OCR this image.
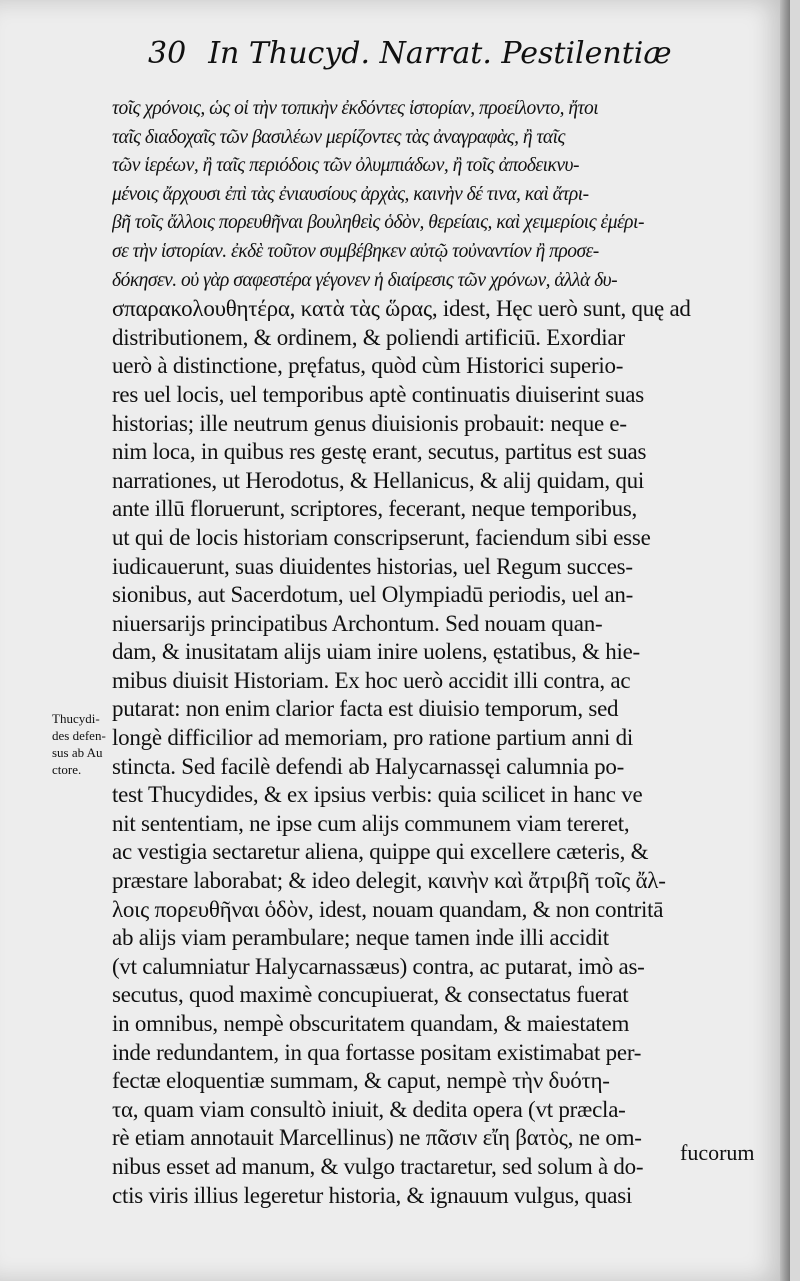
30 In Thucyd. Narrat. Pestilentiæ
τοῖς χρόνοις, ὡς οἱ τὴν τοπικὴν ἐκδόντες ἱστορίαν, προείλοντο, ἤτοι
ταῖς διαδοχαῖς τῶν βασιλέων μερίζοντες τὰς ἀναγραφὰς, ἢ ταῖς
τῶν ἱερέων, ἢ ταῖς περιόδοις τῶν ὀλυμπιάδων, ἢ τοῖς ἀποδεικνυ-
μένοις ἄρχουσι ἐπὶ τὰς ἐνιαυσίους ἀρχὰς, καινὴν δέ τινα, καὶ ἄτρι-
βῆ τοῖς ἄλλοις πορευθῆναι βουληθεὶς ὁδὸν, θερείαις, καὶ χειμερίοις ἐμέρι-
σε τὴν ἱστορίαν. ἐκδὲ τοῦτον συμβέβηκεν αὐτῷ τοὐναντίον ἢ προσε-
δόκησεν. οὐ γὰρ σαφεστέρα γέγονεν ἡ διαίρεσις τῶν χρόνων, ἀλλὰ δυ-
σπαρακολουθητέρα, κατὰ τὰς ὥρας, idest, Hęc uerò sunt, quę ad
distributionem, & ordinem, & poliendi artificiū. Exordiar
uerò à distinctione, pręfatus, quòd cùm Historici superio-
res uel locis, uel temporibus aptè continuatis diuiserint suas
historias; ille neutrum genus diuisionis probauit: neque e-
nim loca, in quibus res gestę erant, secutus, partitus est suas
narrationes, ut Herodotus, & Hellanicus, & alij quidam, qui
ante illū floruerunt, scriptores, fecerant, neque temporibus,
ut qui de locis historiam conscripserunt, faciendum sibi esse
iudicauerunt, suas diuidentes historias, uel Regum succes-
sionibus, aut Sacerdotum, uel Olympiadū periodis, uel an-
niuersarijs principatibus Archontum. Sed nouam quan-
dam, & inusitatam alijs uiam inire uolens, ęstatibus, & hie-
mibus diuisit Historiam. Ex hoc uerò accidit illi contra, ac
putarat: non enim clarior facta est diuisio temporum, sed
longè difficilior ad memoriam, pro ratione partium anni di
stincta. Sed facilè defendi ab Halycarnassęi calumnia po-
test Thucydides, & ex ipsius verbis: quia scilicet in hanc ve
nit sententiam, ne ipse cum alijs communem viam tereret,
ac vestigia sectaretur aliena, quippe qui excellere cæteris, &
præstare laborabat; & ideo delegit, καινὴν καὶ ἄτριβῆ τοῖς ἄλ-
λοις πορευθῆναι ὁδὸν, idest, nouam quandam, & non contritā
ab alijs viam perambulare; neque tamen inde illi accidit
(vt calumniatur Halycarnassæus) contra, ac putarat, imò as-
secutus, quod maximè concupiuerat, & consectatus fuerat
in omnibus, nempè obscuritatem quandam, & maiestatem
inde redundantem, in qua fortasse positam existimabat per-
fectæ eloquentiæ summam, & caput, nempè τὴν δυότη-
τα, quam viam consultò iniuit, & dedita opera (vt præcla-
rè etiam annotauit Marcellinus) ne πᾶσιν εἴη βατὸς, ne om-
nibus esset ad manum, & vulgo tractaretur, sed solum à do-
ctis viris illius legeretur historia, & ignauum vulgus, quasi
Thucydi-
des defen-
sus ab Au
ctore.
fucorum
